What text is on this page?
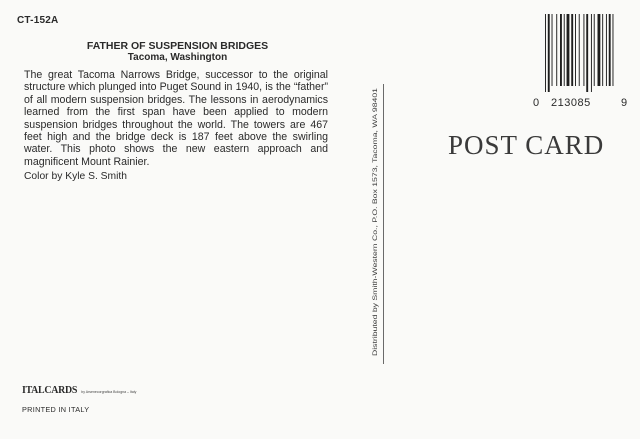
CT-152A
FATHER OF SUSPENSION BRIDGES
Tacoma, Washington
The great Tacoma Narrows Bridge, successor to the original structure which plunged into Puget Sound in 1940, is the “father” of all modern suspension bridges. The lessons in aerodynamics learned from the first span have been applied to modern suspension bridges throughout the world. The towers are 467 feet high and the bridge deck is 187 feet above the swirling water. This photo shows the new eastern approach and magnificent Mount Rainier.
Color by Kyle S. Smith
ITALCARDS by Arsenecorgrafica Bologna – Italy
PRINTED IN ITALY
Distributed by Smith-Western Co., P.O. Box 1573, Tacoma, WA 98401
0 213085	9
POST CARD
